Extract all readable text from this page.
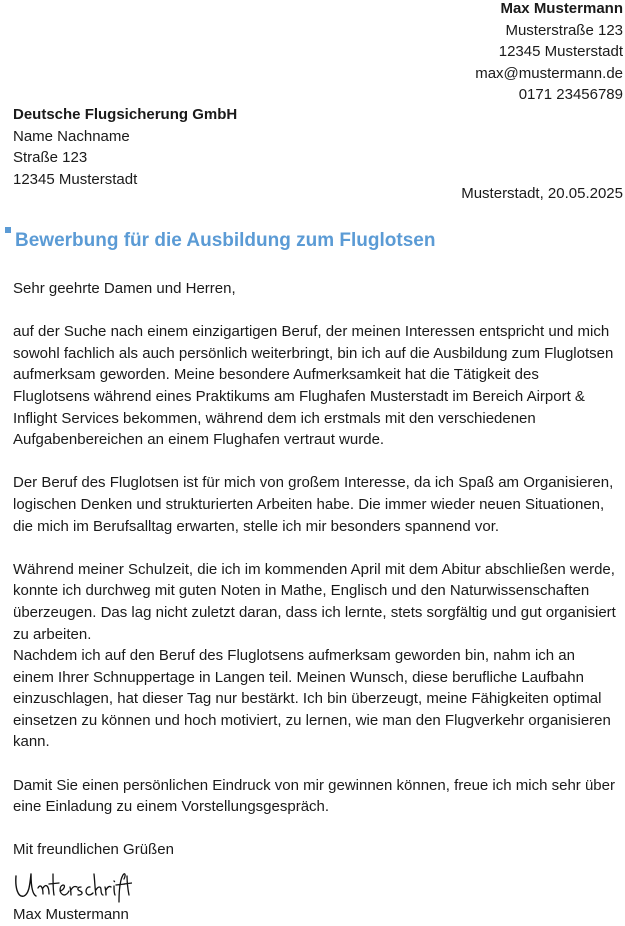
Max Mustermann
Musterstraße 123
12345 Musterstadt
max@mustermann.de
0171 23456789
Deutsche Flugsicherung GmbH
Name Nachname
Straße 123
12345 Musterstadt
Musterstadt, 20.05.2025
Bewerbung für die Ausbildung zum Fluglotsen

Sehr geehrte Damen und Herren,

auf der Suche nach einem einzigartigen Beruf, der meinen Interessen entspricht und mich sowohl fachlich als auch persönlich weiterbringt, bin ich auf die Ausbildung zum Fluglotsen aufmerksam geworden. Meine besondere Aufmerksamkeit hat die Tätigkeit des Fluglotsens während eines Praktikums am Flughafen Musterstadt im Bereich Airport & Inflight Services bekommen, während dem ich erstmals mit den verschiedenen Aufgabenbereichen an einem Flughafen vertraut wurde.

Der Beruf des Fluglotsen ist für mich von großem Interesse, da ich Spaß am Organisieren, logischen Denken und strukturierten Arbeiten habe. Die immer wieder neuen Situationen, die mich im Berufsalltag erwarten, stelle ich mir besonders spannend vor.

Während meiner Schulzeit, die ich im kommenden April mit dem Abitur abschließen werde, konnte ich durchweg mit guten Noten in Mathe, Englisch und den Naturwissenschaften überzeugen. Das lag nicht zuletzt daran, dass ich lernte, stets sorgfältig und gut organisiert zu arbeiten.

Nachdem ich auf den Beruf des Fluglotsens aufmerksam geworden bin, nahm ich an einem Ihrer Schnuppertage in Langen teil. Meinen Wunsch, diese berufliche Laufbahn einzuschlagen, hat dieser Tag nur bestärkt. Ich bin überzeugt, meine Fähigkeiten optimal einsetzen zu können und hoch motiviert, zu lernen, wie man den Flugverkehr organisieren kann.

Damit Sie einen persönlichen Eindruck von mir gewinnen können, freue ich mich sehr über eine Einladung zu einem Vorstellungsgespräch.

Mit freundlichen Grüßen

Max Mustermann
